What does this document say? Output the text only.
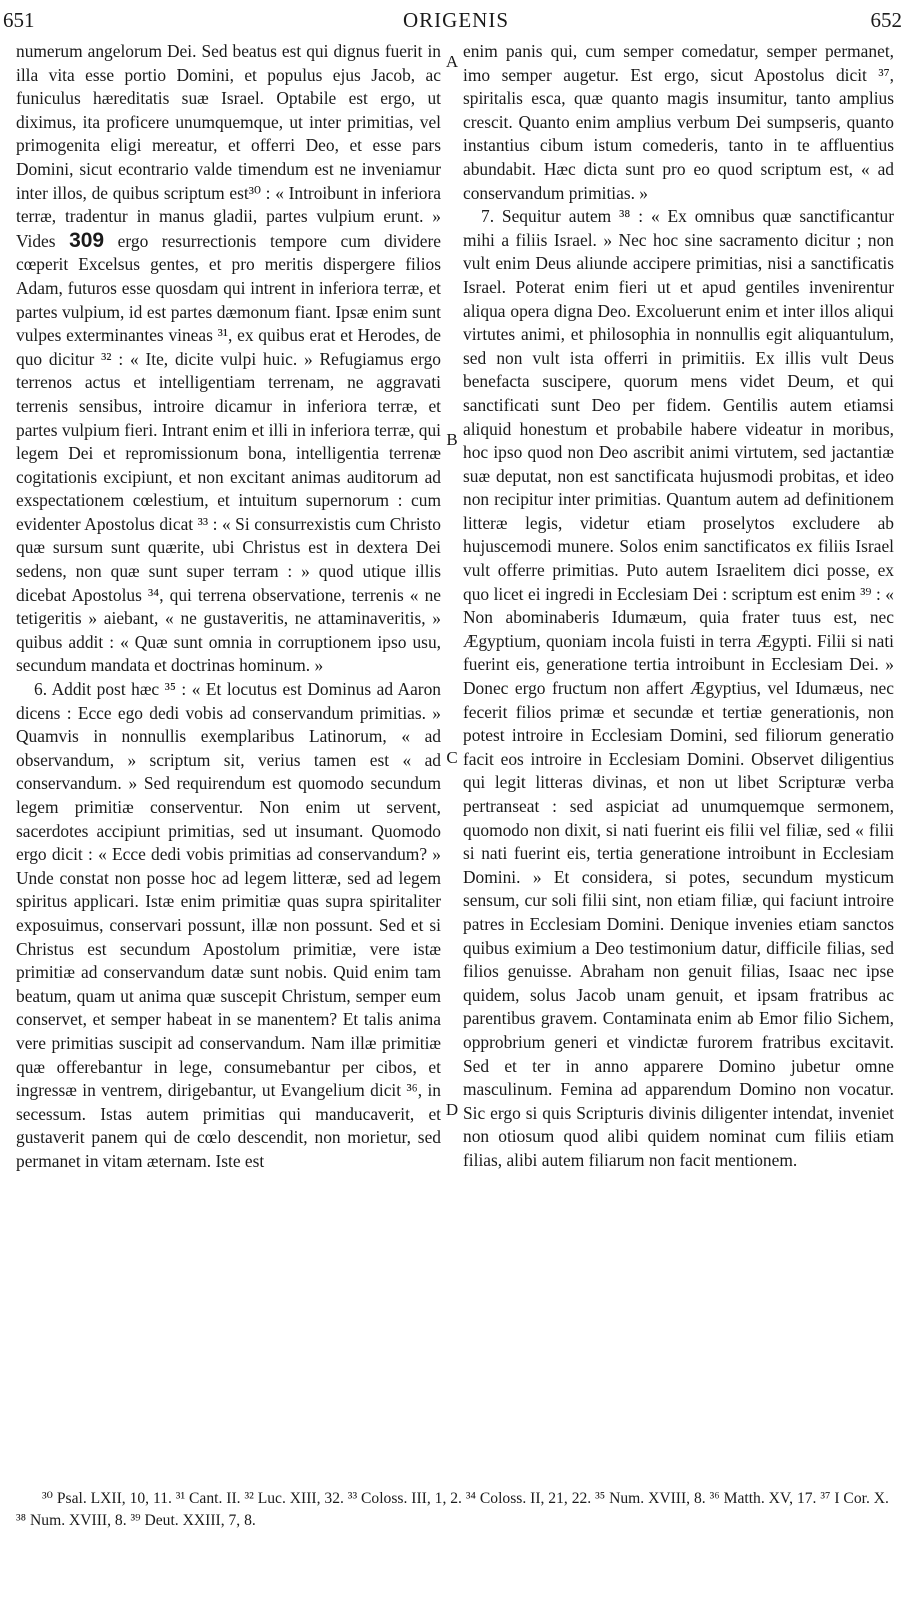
651	ORIGENIS	652

numerum angelorum Dei. Sed beatus est qui dignus fuerit in illa vita esse portio Domini, et populus ejus Jacob, ac funiculus hæreditatis suæ Israel. Optabile est ergo, ut diximus, ita proficere unumquemque, ut inter primitias, vel primogenita eligi mereatur, et offerri Deo, et esse pars Domini, sicut econtrario valde timendum est ne inveniamur inter illos, de quibus scriptum est³⁰ : « Introibunt in inferiora terræ, tradentur in manus gladii, partes vulpium erunt. » Vides 309 ergo resurrectionis tempore cum dividere cœperit Excelsus gentes, et pro meritis dispergere filios Adam, futuros esse quosdam qui intrent in inferiora terræ, et partes vulpium, id est partes dæmonum fiant. Ipsæ enim sunt vulpes exterminantes vineas ³¹, ex quibus erat et Herodes, de quo dicitur ³² : « Ite, dicite vulpi huic. » Refugiamus ergo terrenos actus et intelligentiam terrenam, ne aggravati terrenis sensibus, introire dicamur in inferiora terræ, et partes vulpium fieri. Intrant enim et illi in inferiora terræ, qui legem Dei et repromissionum bona, intelligentia terrenæ cogitationis excipiunt, et non excitant animas auditorum ad exspectationem cœlestium, et intuitum supernorum : cum evidenter Apostolus dicat ³³ : « Si consurrexistis cum Christo quæ sursum sunt quærite, ubi Christus est in dextera Dei sedens, non quæ sunt super terram : » quod utique illis dicebat Apostolus ³⁴, qui terrena observatione, terrenis « ne tetigeritis » aiebant, « ne gustaveritis, ne attaminaveritis, » quibus addit : « Quæ sunt omnia in corruptionem ipso usu, secundum mandata et doctrinas hominum. »

6. Addit post hæc ³⁵ : « Et locutus est Dominus ad Aaron dicens : Ecce ego dedi vobis ad conservandum primitias. » Quamvis in nonnullis exemplaribus Latinorum, « ad observandum, » scriptum sit, verius tamen est « ad conservandum. » Sed requirendum est quomodo secundum legem primitiæ conserventur. Non enim ut servent, sacerdotes accipiunt primitias, sed ut insumant. Quomodo ergo dicit : « Ecce dedi vobis primitias ad conservandum? » Unde constat non posse hoc ad legem litteræ, sed ad legem spiritus applicari. Istæ enim primitiæ quas supra spiritaliter exposuimus, conservari possunt, illæ non possunt. Sed et si Christus est secundum Apostolum primitiæ, vere istæ primitiæ ad conservandum datæ sunt nobis. Quid enim tam beatum, quam ut anima quæ suscepit Christum, semper eum conservet, et semper habeat in se manentem? Et talis anima vere primitias suscipit ad conservandum. Nam illæ primitiæ quæ offerebantur in lege, consumebantur per cibos, et ingressæ in ventrem, dirigebantur, ut Evangelium dicit ³⁶, in secessum. Istas autem primitias qui manducaverit, et gustaverit panem qui de cœlo descendit, non morietur, sed permanet in vitam æternam. Iste est

A
B
C
D

enim panis qui, cum semper comedatur, semper permanet, imo semper augetur. Est ergo, sicut Apostolus dicit ³⁷, spiritalis esca, quæ quanto magis insumitur, tanto amplius crescit. Quanto enim amplius verbum Dei sumpseris, quanto instantius cibum istum comederis, tanto in te affluentius abundabit. Hæc dicta sunt pro eo quod scriptum est, « ad conservandum primitias. »

7. Sequitur autem ³⁸ : « Ex omnibus quæ sanctificantur mihi a filiis Israel. » Nec hoc sine sacramento dicitur ; non vult enim Deus aliunde accipere primitias, nisi a sanctificatis Israel. Poterat enim fieri ut et apud gentiles invenirentur aliqua opera digna Deo. Excoluerunt enim et inter illos aliqui virtutes animi, et philosophia in nonnullis egit aliquantulum, sed non vult ista offerri in primitiis. Ex illis vult Deus benefacta suscipere, quorum mens videt Deum, et qui sanctificati sunt Deo per fidem. Gentilis autem etiamsi aliquid honestum et probabile habere videatur in moribus, hoc ipso quod non Deo ascribit animi virtutem, sed jactantiæ suæ deputat, non est sanctificata hujusmodi probitas, et ideo non recipitur inter primitias. Quantum autem ad definitionem litteræ legis, videtur etiam proselytos excludere ab hujuscemodi munere. Solos enim sanctificatos ex filiis Israel vult offerre primitias. Puto autem Israelitem dici posse, ex quo licet ei ingredi in Ecclesiam Dei : scriptum est enim ³⁹ : « Non abominaberis Idumæum, quia frater tuus est, nec Ægyptium, quoniam incola fuisti in terra Ægypti. Filii si nati fuerint eis, generatione tertia introibunt in Ecclesiam Dei. » Donec ergo fructum non affert Ægyptius, vel Idumæus, nec fecerit filios primæ et secundæ et tertiæ generationis, non potest introire in Ecclesiam Domini, sed filiorum generatio facit eos introire in Ecclesiam Domini. Observet diligentius qui legit litteras divinas, et non ut libet Scripturæ verba pertranseat : sed aspiciat ad unumquemque sermonem, quomodo non dixit, si nati fuerint eis filii vel filiæ, sed « filii si nati fuerint eis, tertia generatione introibunt in Ecclesiam Domini. » Et considera, si potes, secundum mysticum sensum, cur soli filii sint, non etiam filiæ, qui faciunt introire patres in Ecclesiam Domini. Denique invenies etiam sanctos quibus eximium a Deo testimonium datur, difficile filias, sed filios genuisse. Abraham non genuit filias, Isaac nec ipse quidem, solus Jacob unam genuit, et ipsam fratribus ac parentibus gravem. Contaminata enim ab Emor filio Sichem, opprobrium generi et vindictæ furorem fratribus excitavit. Sed et ter in anno apparere Domino jubetur omne masculinum. Femina ad apparendum Domino non vocatur. Sic ergo si quis Scripturis divinis diligenter intendat, inveniet non otiosum quod alibi quidem nominat cum filiis etiam filias, alibi autem filiarum non facit mentionem.

³⁰ Psal. LXII, 10, 11. ³¹ Cant. II. ³² Luc. XIII, 32. ³³ Coloss. III, 1, 2. ³⁴ Coloss. II, 21, 22. ³⁵ Num. XVIII, 8. ³⁶ Matth. XV, 17. ³⁷ I Cor. X. ³⁸ Num. XVIII, 8. ³⁹ Deut. XXIII, 7, 8.
